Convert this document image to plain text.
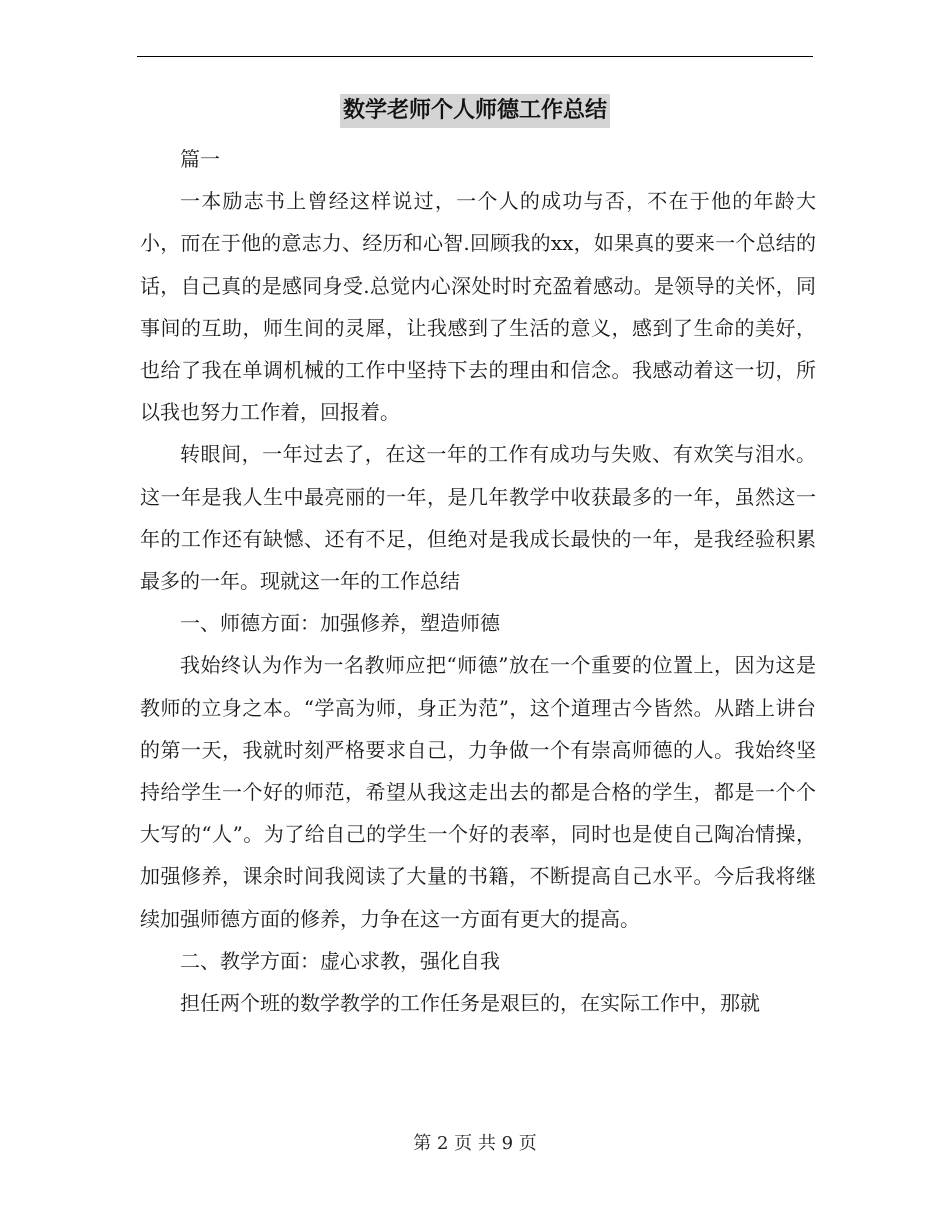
数学老师个人师德工作总结

篇一

一本励志书上曾经这样说过，一个人的成功与否，不在于他的年龄大小，而在于他的意志力、经历和心智.回顾我的xx，如果真的要来一个总结的话，自己真的是感同身受.总觉内心深处时时充盈着感动。是领导的关怀，同事间的互助，师生间的灵犀，让我感到了生活的意义，感到了生命的美好，也给了我在单调机械的工作中坚持下去的理由和信念。我感动着这一切，所以我也努力工作着，回报着。

转眼间，一年过去了，在这一年的工作有成功与失败、有欢笑与泪水。这一年是我人生中最亮丽的一年，是几年教学中收获最多的一年，虽然这一年的工作还有缺憾、还有不足，但绝对是我成长最快的一年，是我经验积累最多的一年。现就这一年的工作总结

一、师德方面：加强修养，塑造师德

我始终认为作为一名教师应把“师德”放在一个重要的位置上，因为这是教师的立身之本。“学高为师，身正为范”，这个道理古今皆然。从踏上讲台的第一天，我就时刻严格要求自己，力争做一个有崇高师德的人。我始终坚持给学生一个好的师范，希望从我这走出去的都是合格的学生，都是一个个大写的“人”。为了给自己的学生一个好的表率，同时也是使自己陶冶情操，加强修养，课余时间我阅读了大量的书籍，不断提高自己水平。今后我将继续加强师德方面的修养，力争在这一方面有更大的提高。

二、教学方面：虚心求教，强化自我

担任两个班的数学教学的工作任务是艰巨的，在实际工作中，那就

第 2 页 共 9 页
